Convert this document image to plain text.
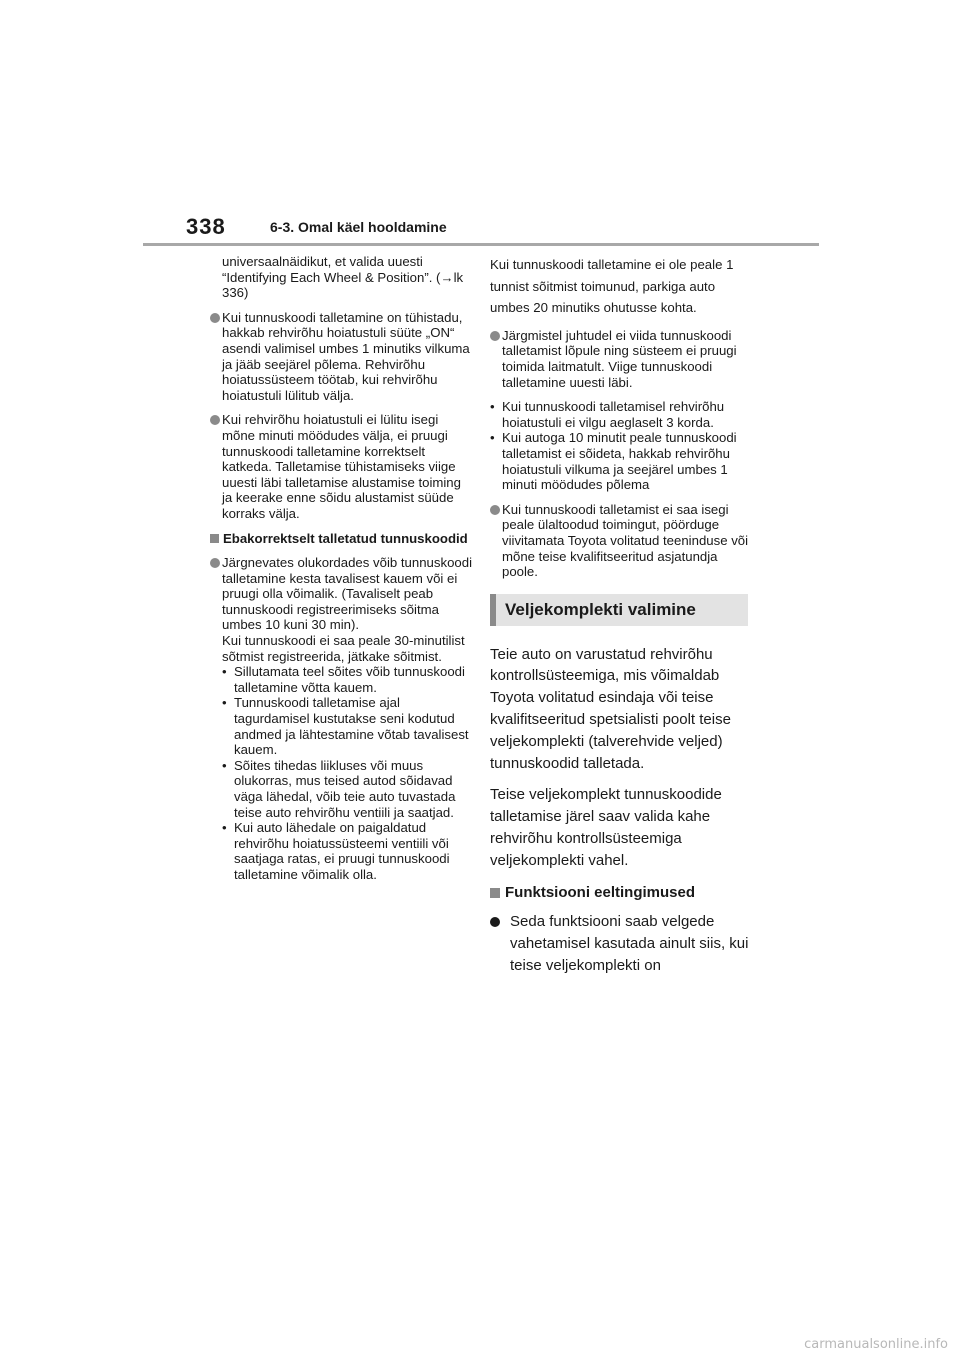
338	6-3. Omal käel hooldamine

universaalnäidikut, et valida uuesti “Identifying Each Wheel & Position”. (→lk 336)

Kui tunnuskoodi talletamine on tühistadu, hakkab rehvirõhu hoiatustuli süüte „ON“ asendi valimisel umbes 1 minutiks vilkuma ja jääb seejärel põlema. Rehvirõhu hoiatussüsteem töötab, kui rehvirõhu hoiatustuli lülitub välja.
Kui rehvirõhu hoiatustuli ei lülitu isegi mõne minuti möödudes välja, ei pruugi tunnuskoodi talletamine korrektselt katkeda. Talletamise tühistamiseks viige uuesti läbi talletamise alustamise toiming ja keerake enne sõidu alustamist süüde korraks välja.
Ebakorrektselt talletatud tunnuskoodid
Järgnevates olukordades võib tunnuskoodi talletamine kesta tavalisest kauem või ei pruugi olla võimalik. (Tavaliselt peab tunnuskoodi registreerimiseks sõitma umbes 10 kuni 30 min).
Kui tunnuskoodi ei saa peale 30-minutilist sõtmist registreerida, jätkake sõitmist.
• Sillutamata teel sõites võib tunnuskoodi talletamine võtta kauem.
• Tunnuskoodi talletamise ajal tagurdamisel kustutakse seni kodutud andmed ja lähtestamine võtab tavalisest kauem.
• Sõites tihedas liikluses või muus olukorras, mus teised autod sõidavad väga lähedal, võib teie auto tuvastada teise auto rehvirõhu ventiili ja saatjad.
• Kui auto lähedale on paigaldatud rehvirõhu hoiatussüsteemi ventiili või saatjaga ratas, ei pruugi tunnuskoodi talletamine võimalik olla.

Kui tunnuskoodi talletamine ei ole peale 1 tunnist sõitmist toimunud, parkiga auto umbes 20 minutiks ohutusse kohta.

Järgmistel juhtudel ei viida tunnuskoodi talletamist lõpule ning süsteem ei pruugi toimida laitmatult. Viige tunnuskoodi talletamine uuesti läbi.
• Kui tunnuskoodi talletamisel rehvirõhu hoiatustuli ei vilgu aeglaselt 3 korda.
• Kui autoga 10 minutit peale tunnuskoodi talletamist ei sõideta, hakkab rehvirõhu hoiatustuli vilkuma ja seejärel umbes 1 minuti möödudes põlema
Kui tunnuskoodi talletamist ei saa isegi peale ülaltoodud toimingut, pöörduge viivitamata Toyota volitatud teeninduse või mõne teise kvalifitseeritud asjatundja poole.
Veljekomplekti valimine

Teie auto on varustatud rehvirõhu kontrollsüsteemiga, mis võimaldab Toyota volitatud esindaja või teise kvalifitseeritud spetsialisti poolt teise veljekomplekti (talverehvide veljed) tunnuskoodid talletada.

Teise veljekomplekt tunnuskoodide talletamise järel saav valida kahe rehvirõhu kontrollsüsteemiga veljekomplekti vahel.

Funktsiooni eeltingimused
Seda funktsiooni saab velgede vahetamisel kasutada ainult siis, kui teise veljekomplekti on
carmanualsonline.info
